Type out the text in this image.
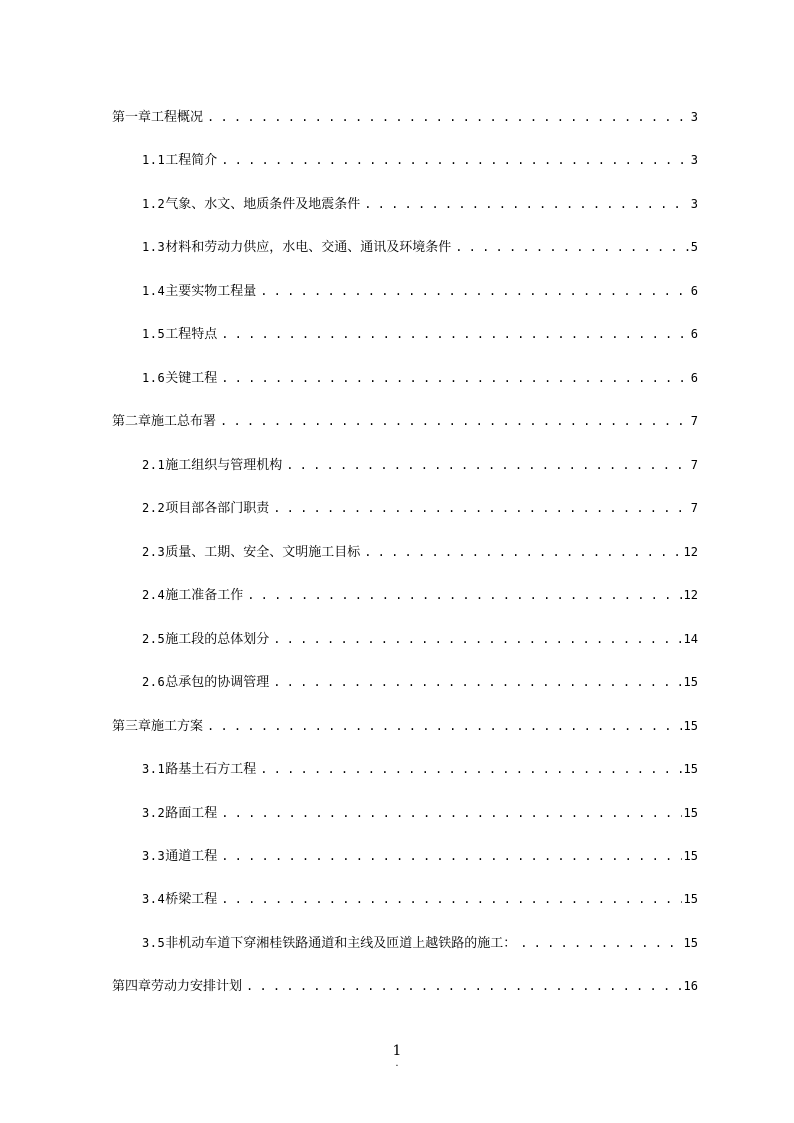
第一章 工程概况 . . .	3
1.1 工程简介 . . .	3
1.2 气象、水文、地质条件及地震条件 . . .	3
1.3 材料和劳动力供应，水电、交通、通讯及环境条件 . . .	5
1.4 主要实物工程量 . . .	6
1.5 工程特点 . . .	6
1.6 关键工程 . . .	6
第二章 施工总布署 . . .	7
2.1 施工组织与管理机构 . . .	7
2.2 项目部各部门职责 . . .	7
2.3 质量、工期、安全、文明施工目标 . . .	12
2.4 施工准备工作 . . .	12
2.5 施工段的总体划分 . . .	14
2.6 总承包的协调管理 . . .	15
第三章 施工方案 . . .	15
3.1 路基土石方工程 . . .	15
3.2 路面工程 . . .	15
3.3 通道工程 . . .	15
3.4 桥梁工程 . . .	15
3.5 非机动车道下穿湘桂铁路通道和主线及匝道上越铁路的施工： . . .	15
第四章 劳动力安排计划 . . .	16
1
.
